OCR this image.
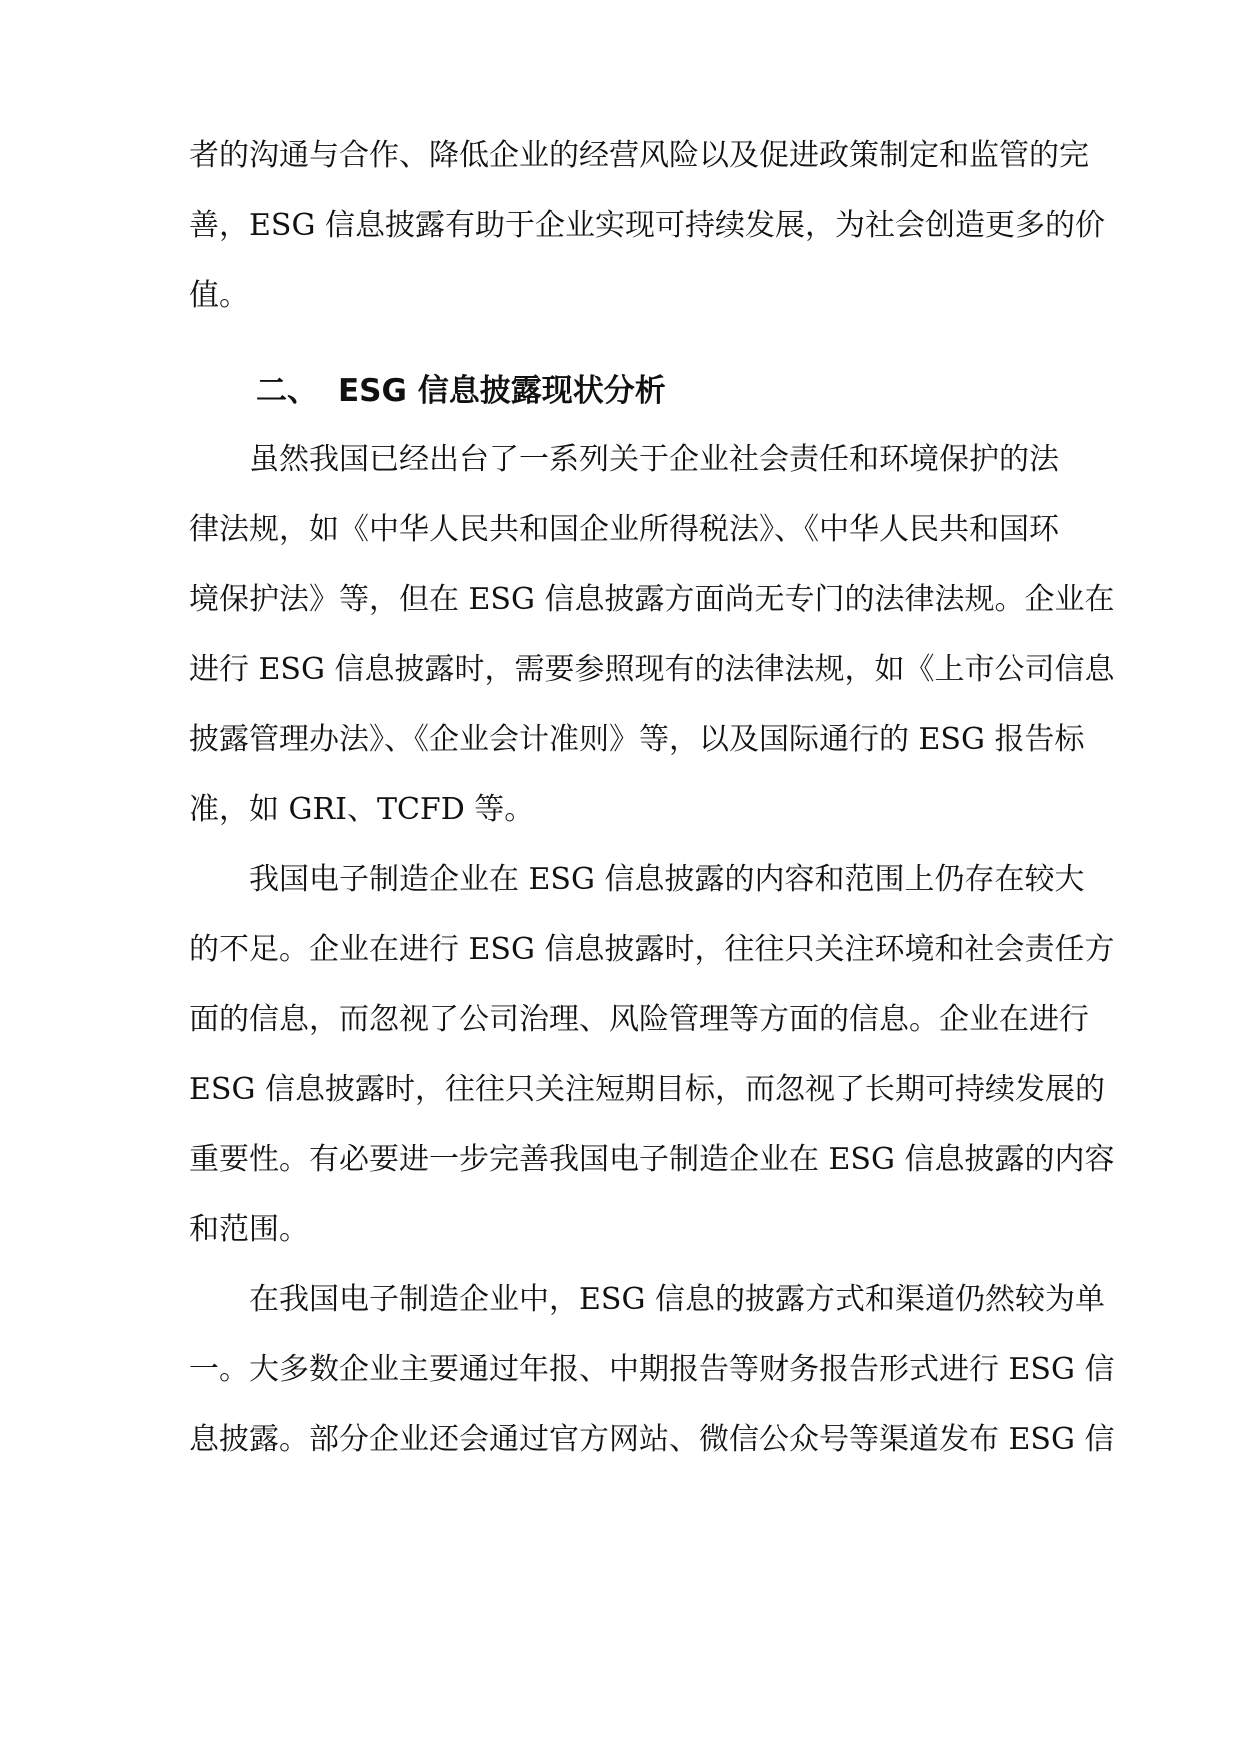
者的沟通与合作、降低企业的经营风险以及促进政策制定和监管的完
善，ESG 信息披露有助于企业实现可持续发展，为社会创造更多的价
值。
二、 ESG 信息披露现状分析
虽然我国已经出台了一系列关于企业社会责任和环境保护的法
律法规，如《中华人民共和国企业所得税法》、《中华人民共和国环
境保护法》等，但在 ESG 信息披露方面尚无专门的法律法规。企业在
进行 ESG 信息披露时，需要参照现有的法律法规，如《上市公司信息
披露管理办法》、《企业会计准则》等，以及国际通行的 ESG 报告标
准，如 GRI、TCFD 等。
我国电子制造企业在 ESG 信息披露的内容和范围上仍存在较大
的不足。企业在进行 ESG 信息披露时，往往只关注环境和社会责任方
面的信息，而忽视了公司治理、风险管理等方面的信息。企业在进行
ESG 信息披露时，往往只关注短期目标，而忽视了长期可持续发展的
重要性。有必要进一步完善我国电子制造企业在 ESG 信息披露的内容
和范围。
在我国电子制造企业中，ESG 信息的披露方式和渠道仍然较为单
一。大多数企业主要通过年报、中期报告等财务报告形式进行 ESG 信
息披露。部分企业还会通过官方网站、微信公众号等渠道发布 ESG 信
